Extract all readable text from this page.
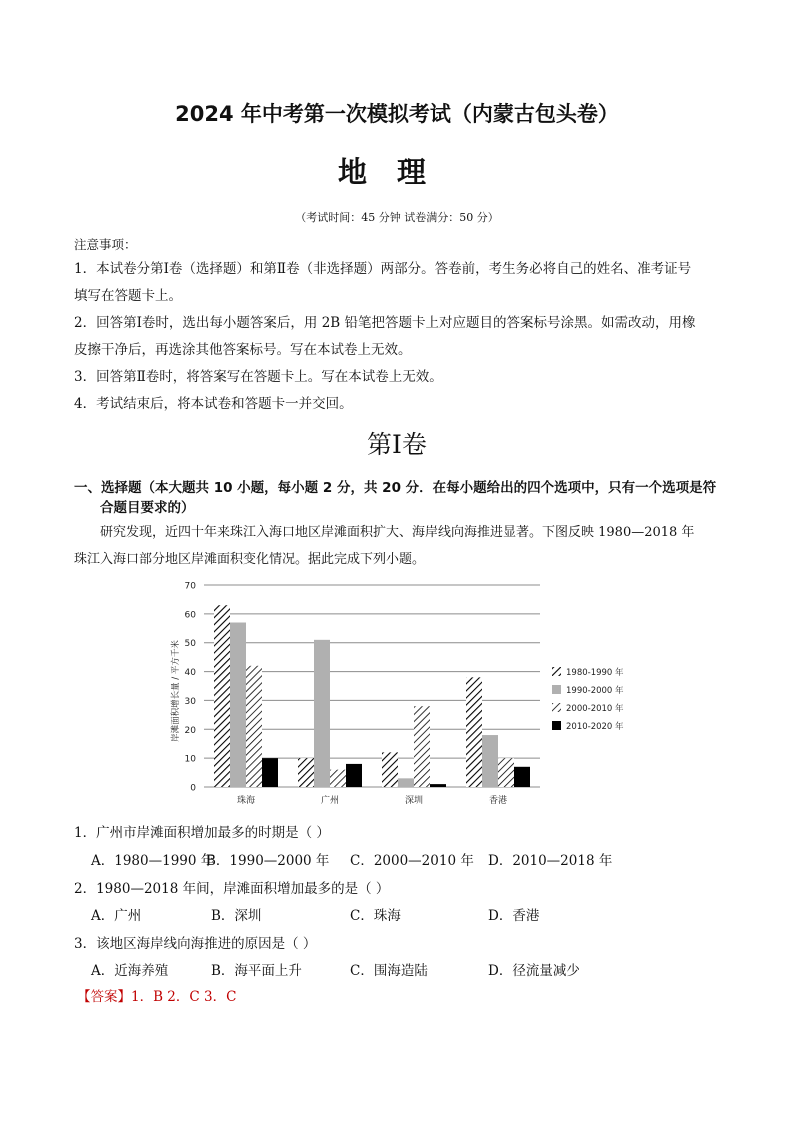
2024 年中考第一次模拟考试（内蒙古包头卷）
地理
（考试时间：45 分钟 试卷满分：50 分）
注意事项：
1．本试卷分第Ⅰ卷（选择题）和第Ⅱ卷（非选择题）两部分。答卷前，考生务必将自己的姓名、准考证号
填写在答题卡上。
2．回答第Ⅰ卷时，选出每小题答案后，用 2B 铅笔把答题卡上对应题目的答案标号涂黑。如需改动，用橡
皮擦干净后，再选涂其他答案标号。写在本试卷上无效。
3．回答第Ⅱ卷时，将答案写在答题卡上。写在本试卷上无效。
4．考试结束后，将本试卷和答题卡一并交回。
第Ⅰ卷
一、选择题（本大题共 10 小题，每小题 2 分，共 20 分．在每小题给出的四个选项中，只有一个选项是符
合题目要求的）
研究发现，近四十年来珠江入海口地区岸滩面积扩大、海岸线向海推进显著。下图反映 1980—2018 年
珠江入海口部分地区岸滩面积变化情况。据此完成下列小题。
0
10
20
30
40
50
60
70
岸滩面积增长量 / 平方千米
珠海	广州	深圳	香港
1980-1990 年
1990-2000 年
2000-2010 年
2010-2020 年
1．广州市岸滩面积增加最多的时期是（ ）
A．1980—1990 年
B．1990—2000 年 C．2000—2010 年 D．2010—2018 年
2．1980—2018 年间，岸滩面积增加最多的是（ ）
A．广州	B．深圳	C．珠海	D．香港
3．该地区海岸线向海推进的原因是（ ）
A．近海养殖	B．海平面上升	C．围海造陆	D．径流量减少
【答案】1．B 2．C 3．C
